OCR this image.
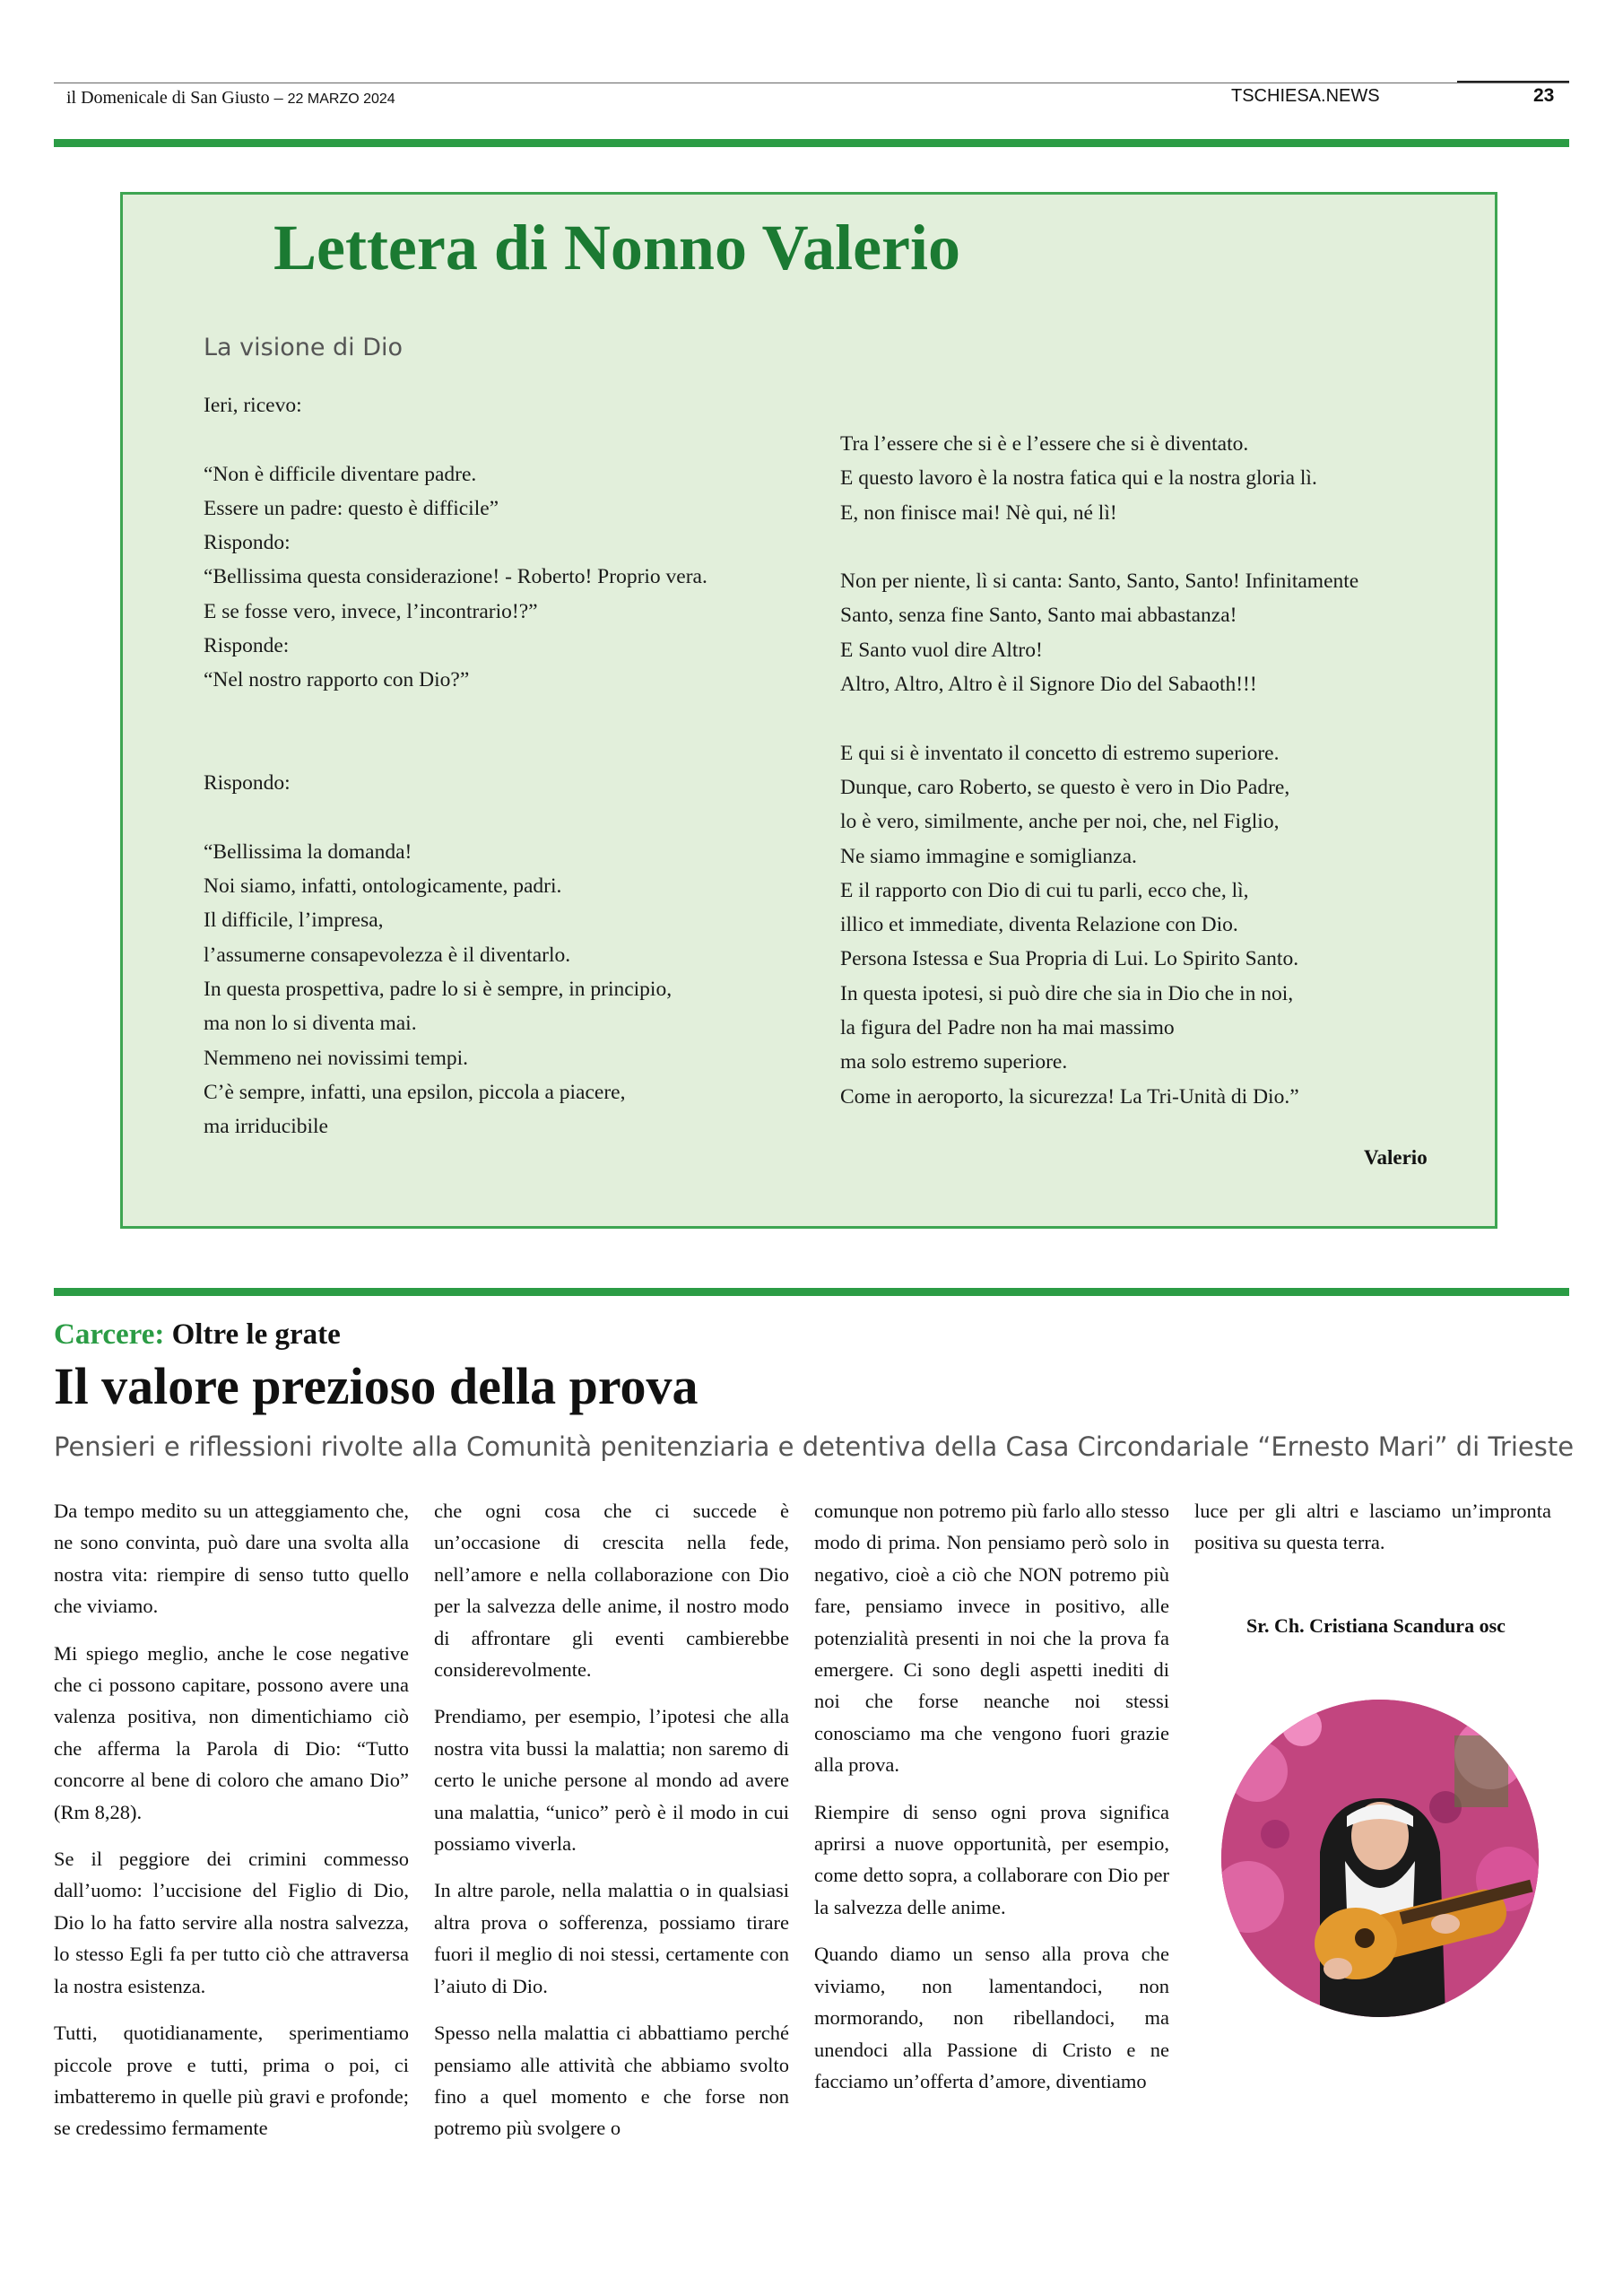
il Domenicale di San Giusto – 22 MARZO 2024	TSCHIESA.NEWS	23
Lettera di Nonno Valerio
La visione di Dio
Ieri, ricevo:
“Non è difficile diventare padre.
Essere un padre: questo è difficile”
Rispondo:
“Bellissima questa considerazione! - Roberto! Proprio vera.
E se fosse vero, invece, l’incontrario!?”
Risponde:
“Nel nostro rapporto con Dio?”
Rispondo:
“Bellissima la domanda!
Noi siamo, infatti, ontologicamente, padri.
Il difficile, l’impresa,
l’assumerne consapevolezza è il diventarlo.
In questa prospettiva, padre lo si è sempre, in principio,
ma non lo si diventa mai.
Nemmeno nei novissimi tempi.
C’è sempre, infatti, una epsilon, piccola a piacere,
ma irriducibile
Tra l’essere che si è e l’essere che si è diventato.
E questo lavoro è la nostra fatica qui e la nostra gloria lì.
E, non finisce mai! Nè qui, né lì!
Non per niente, lì si canta: Santo, Santo, Santo! Infinitamente
Santo, senza fine Santo, Santo mai abbastanza!
E Santo vuol dire Altro!
Altro, Altro, Altro è il Signore Dio del Sabaoth!!!
E qui si è inventato il concetto di estremo superiore.
Dunque, caro Roberto, se questo è vero in Dio Padre,
lo è vero, similmente, anche per noi, che, nel Figlio,
Ne siamo immagine e somiglianza.
E il rapporto con Dio di cui tu parli, ecco che, lì,
illico et immediate, diventa Relazione con Dio.
Persona Istessa e Sua Propria di Lui. Lo Spirito Santo.
In questa ipotesi, si può dire che sia in Dio che in noi,
la figura del Padre non ha mai massimo
ma solo estremo superiore.
Come in aeroporto, la sicurezza! La Tri-Unità di Dio.”
Valerio
Carcere: Oltre le grate
Il valore prezioso della prova
Pensieri e riflessioni rivolte alla Comunità penitenziaria e detentiva della Casa Circondariale “Ernesto Mari” di Trieste

Da tempo medito su un atteggiamento che, ne sono convinta, può dare una svolta alla nostra vita: riempire di senso tutto quello che viviamo.

Mi spiego meglio, anche le cose negative che ci possono capitare, possono avere una valenza positiva, non dimentichiamo ciò che afferma la Parola di Dio: “Tutto concorre al bene di coloro che amano Dio” (Rm 8,28).

Se il peggiore dei crimini commesso dall’uomo: l’uccisione del Figlio di Dio, Dio lo ha fatto servire alla nostra salvezza, lo stesso Egli fa per tutto ciò che attraversa la nostra esistenza.

Tutti, quotidianamente, sperimentiamo piccole prove e tutti, prima o poi, ci imbatteremo in quelle più gravi e profonde; se credessimo fermamente

che ogni cosa che ci succede è un’occasione di crescita nella fede, nell’amore e nella collaborazione con Dio per la salvezza delle anime, il nostro modo di affrontare gli eventi cambierebbe considerevolmente.

Prendiamo, per esempio, l’ipotesi che alla nostra vita bussi la malattia; non saremo di certo le uniche persone al mondo ad avere una malattia, “unico” però è il modo in cui possiamo viverla.

In altre parole, nella malattia o in qualsiasi altra prova o sofferenza, possiamo tirare fuori il meglio di noi stessi, certamente con l’aiuto di Dio.

Spesso nella malattia ci abbattiamo perché pensiamo alle attività che abbiamo svolto fino a quel momento e che forse non potremo più svolgere o

comunque non potremo più farlo allo stesso modo di prima. Non pensiamo però solo in negativo, cioè a ciò che NON potremo più fare, pensiamo invece in positivo, alle potenzialità presenti in noi che la prova fa emergere. Ci sono degli aspetti inediti di noi che forse neanche noi stessi conosciamo ma che vengono fuori grazie alla prova.

Riempire di senso ogni prova significa aprirsi a nuove opportunità, per esempio, come detto sopra, a collaborare con Dio per la salvezza delle anime.

Quando diamo un senso alla prova che viviamo, non lamentandoci, non mormorando, non ribellandoci, ma unendoci alla Passione di Cristo e ne facciamo un’offerta d’amore, diventiamo

luce per gli altri e lasciamo un’impronta positiva su questa terra.

Sr. Ch. Cristiana Scandura osc
